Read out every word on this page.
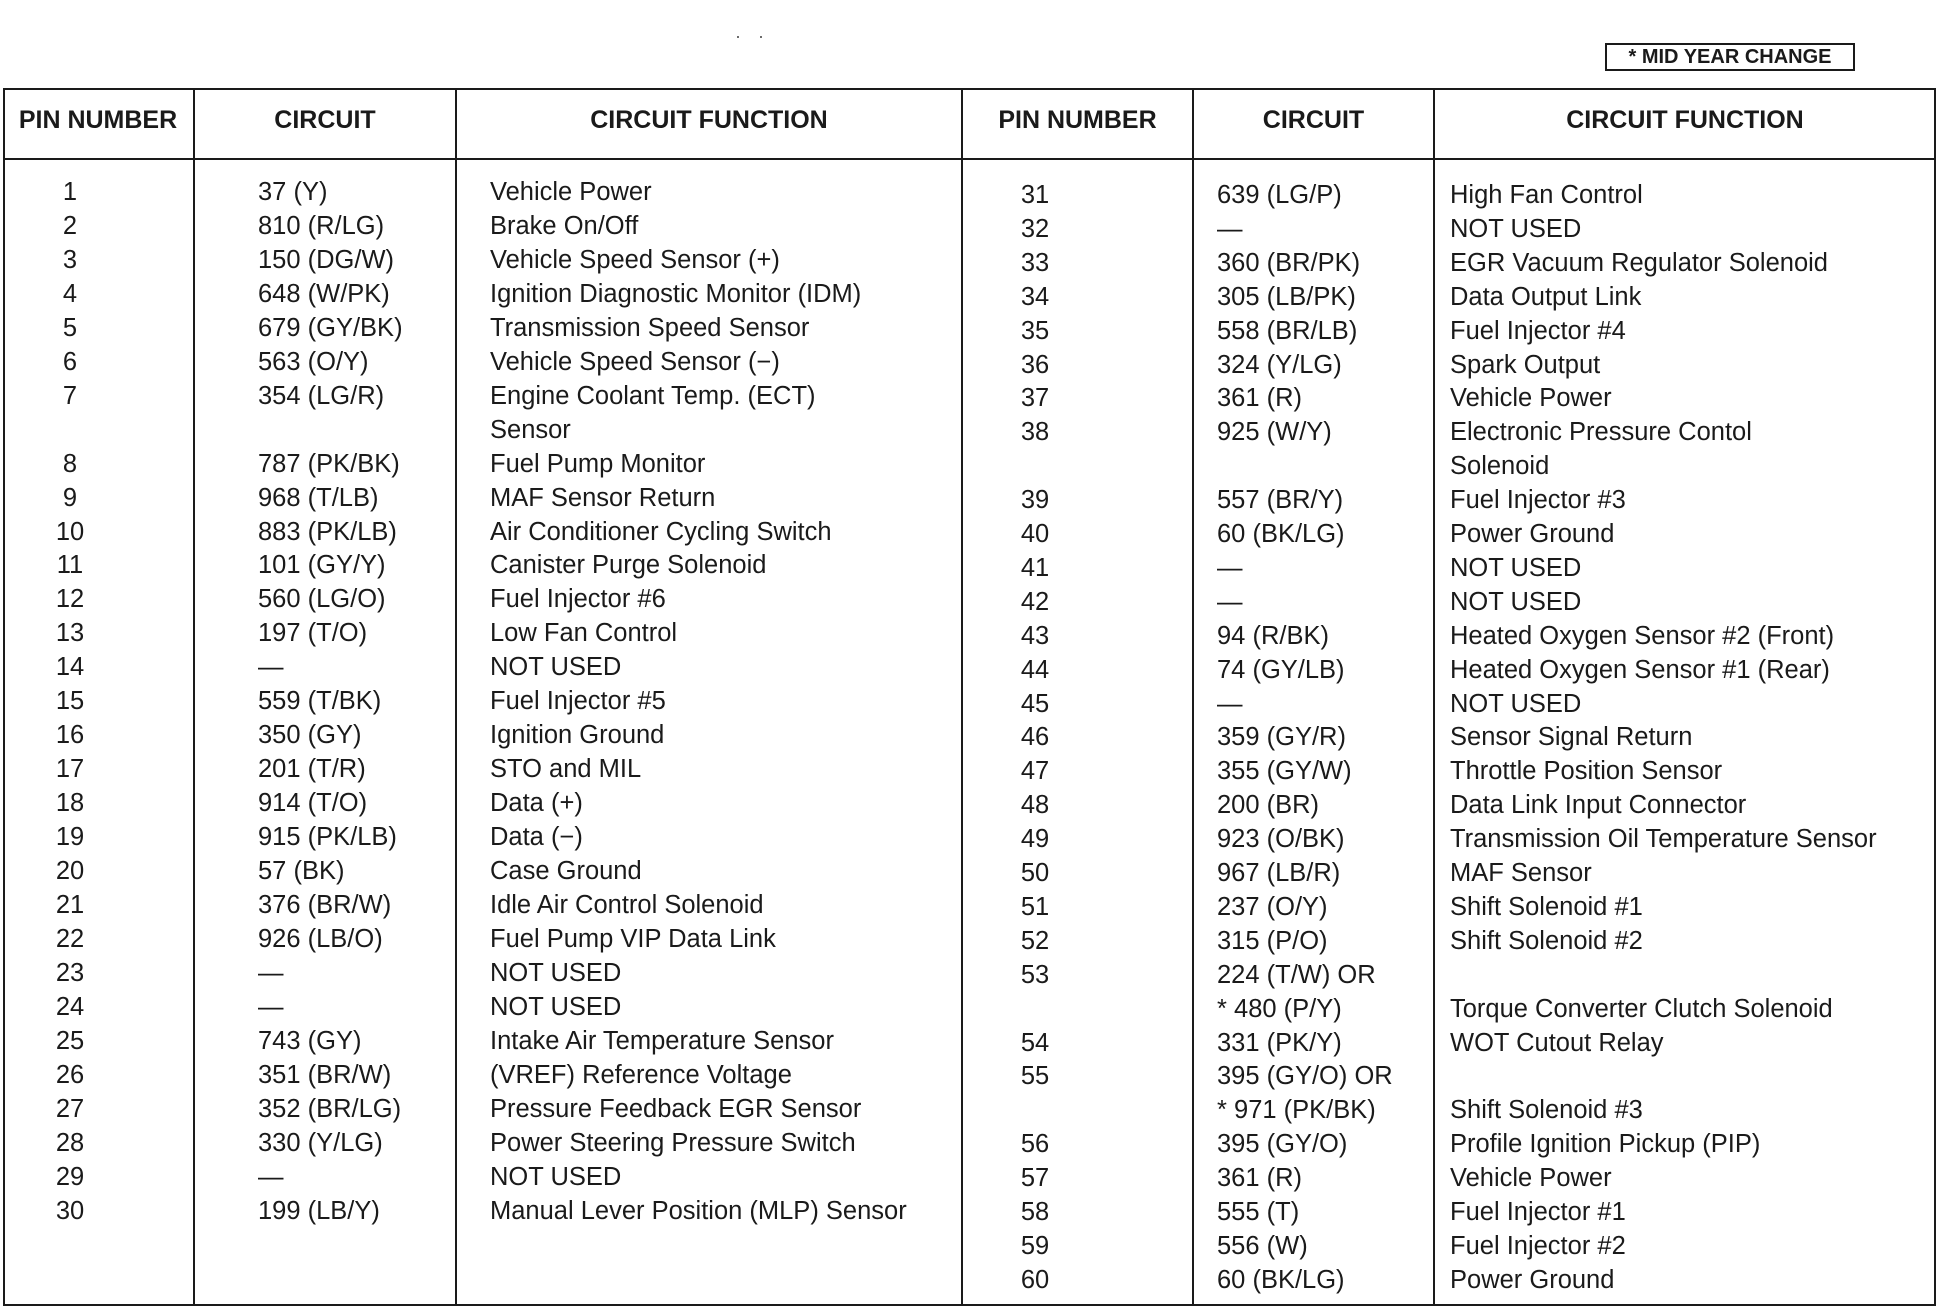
· ·
* MID YEAR CHANGE
PIN NUMBER	CIRCUIT	CIRCUIT FUNCTION	PIN NUMBER	CIRCUIT	CIRCUIT FUNCTION
1	37 (Y)	Vehicle Power
2	810 (R/LG)	Brake On/Off
3	150 (DG/W)	Vehicle Speed Sensor (+)
4	648 (W/PK)	Ignition Diagnostic Monitor (IDM)
5	679 (GY/BK)	Transmission Speed Sensor
6	563 (O/Y)	Vehicle Speed Sensor (−)
7	354 (LG/R)	Engine Coolant Temp. (ECT)
Sensor
8	787 (PK/BK)	Fuel Pump Monitor
9	968 (T/LB)	MAF Sensor Return
10	883 (PK/LB)	Air Conditioner Cycling Switch
11	101 (GY/Y)	Canister Purge Solenoid
12	560 (LG/O)	Fuel Injector #6
13	197 (T/O)	Low Fan Control
14	—	NOT USED
15	559 (T/BK)	Fuel Injector #5
16	350 (GY)	Ignition Ground
17	201 (T/R)	STO and MIL
18	914 (T/O)	Data (+)
19	915 (PK/LB)	Data (−)
20	57 (BK)	Case Ground
21	376 (BR/W)	Idle Air Control Solenoid
22	926 (LB/O)	Fuel Pump VIP Data Link
23	—	NOT USED
24	—	NOT USED
25	743 (GY)	Intake Air Temperature Sensor
26	351 (BR/W)	(VREF) Reference Voltage
27	352 (BR/LG)	Pressure Feedback EGR Sensor
28	330 (Y/LG)	Power Steering Pressure Switch
29	—	NOT USED
30	199 (LB/Y)	Manual Lever Position (MLP) Sensor
31	639 (LG/P)	High Fan Control
32	—	NOT USED
33	360 (BR/PK)	EGR Vacuum Regulator Solenoid
34	305 (LB/PK)	Data Output Link
35	558 (BR/LB)	Fuel Injector #4
36	324 (Y/LG)	Spark Output
37	361 (R)	Vehicle Power
38	925 (W/Y)	Electronic Pressure Contol
Solenoid
39	557 (BR/Y)	Fuel Injector #3
40	60 (BK/LG)	Power Ground
41	—	NOT USED
42	—	NOT USED
43	94 (R/BK)	Heated Oxygen Sensor #2 (Front)
44	74 (GY/LB)	Heated Oxygen Sensor #1 (Rear)
45	—	NOT USED
46	359 (GY/R)	Sensor Signal Return
47	355 (GY/W)	Throttle Position Sensor
48	200 (BR)	Data Link Input Connector
49	923 (O/BK)	Transmission Oil Temperature Sensor
50	967 (LB/R)	MAF Sensor
51	237 (O/Y)	Shift Solenoid #1
52	315 (P/O)	Shift Solenoid #2
53	224 (T/W) OR
* 480 (P/Y)	Torque Converter Clutch Solenoid
54	331 (PK/Y)	WOT Cutout Relay
55	395 (GY/O) OR
* 971 (PK/BK)	Shift Solenoid #3
56	395 (GY/O)	Profile Ignition Pickup (PIP)
57	361 (R)	Vehicle Power
58	555 (T)	Fuel Injector #1
59	556 (W)	Fuel Injector #2
60	60 (BK/LG)	Power Ground
